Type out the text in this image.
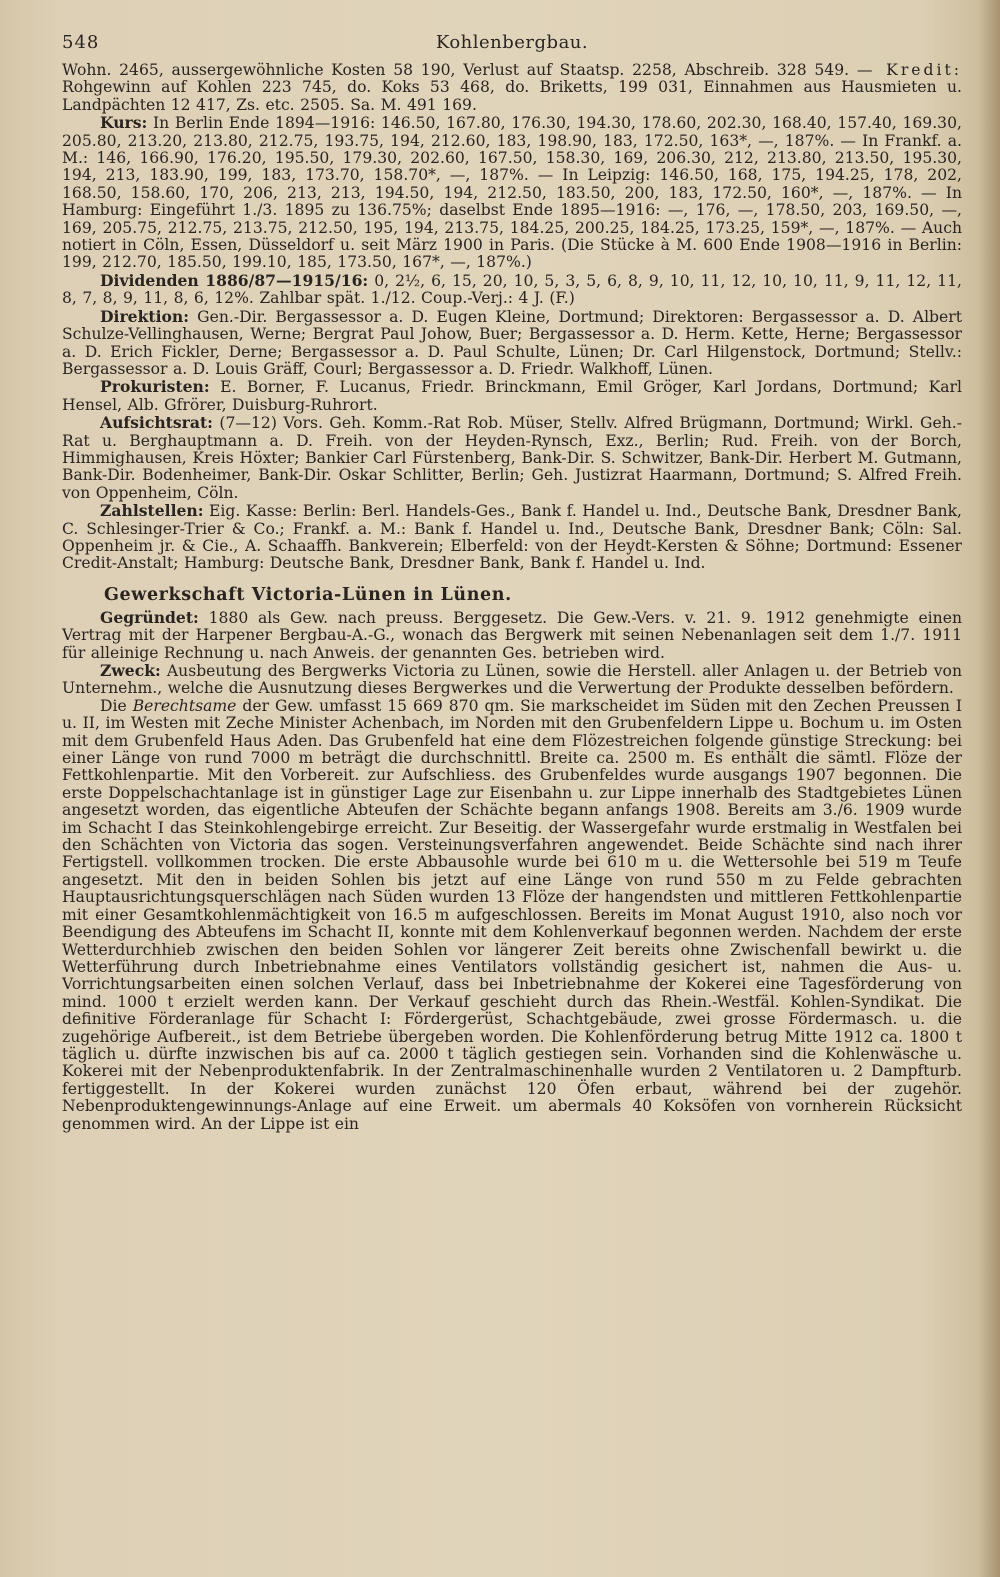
548	Kohlenbergbau.

Wohn. 2465, aussergewöhnliche Kosten 58 190, Verlust auf Staatsp. 2258, Abschreib. 328 549. — Kredit: Rohgewinn auf Kohlen 223 745, do. Koks 53 468, do. Briketts, 199 031, Einnahmen aus Hausmieten u. Landpächten 12 417, Zs. etc. 2505. Sa. M. 491 169.

Kurs: In Berlin Ende 1894—1916: 146.50, 167.80, 176.30, 194.30, 178.60, 202.30, 168.40, 157.40, 169.30, 205.80, 213.20, 213.80, 212.75, 193.75, 194, 212.60, 183, 198.90, 183, 172.50, 163*, —, 187%. — In Frankf. a. M.: 146, 166.90, 176.20, 195.50, 179.30, 202.60, 167.50, 158.30, 169, 206.30, 212, 213.80, 213.50, 195.30, 194, 213, 183.90, 199, 183, 173.70, 158.70*, —, 187%. — In Leipzig: 146.50, 168, 175, 194.25, 178, 202, 168.50, 158.60, 170, 206, 213, 213, 194.50, 194, 212.50, 183.50, 200, 183, 172.50, 160*, —, 187%. — In Hamburg: Eingeführt 1./3. 1895 zu 136.75%; daselbst Ende 1895—1916: —, 176, —, 178.50, 203, 169.50, —, 169, 205.75, 212.75, 213.75, 212.50, 195, 194, 213.75, 184.25, 200.25, 184.25, 173.25, 159*, —, 187%. — Auch notiert in Cöln, Essen, Düsseldorf u. seit März 1900 in Paris. (Die Stücke à M. 600 Ende 1908—1916 in Berlin: 199, 212.70, 185.50, 199.10, 185, 173.50, 167*, —, 187%.)

Dividenden 1886/87—1915/16: 0, 2½, 6, 15, 20, 10, 5, 3, 5, 6, 8, 9, 10, 11, 12, 10, 10, 11, 9, 11, 12, 11, 8, 7, 8, 9, 11, 8, 6, 12%. Zahlbar spät. 1./12. Coup.-Verj.: 4 J. (F.)

Direktion: Gen.-Dir. Bergassessor a. D. Eugen Kleine, Dortmund; Direktoren: Bergassessor a. D. Albert Schulze-Vellinghausen, Werne; Bergrat Paul Johow, Buer; Bergassessor a. D. Herm. Kette, Herne; Bergassessor a. D. Erich Fickler, Derne; Bergassessor a. D. Paul Schulte, Lünen; Dr. Carl Hilgenstock, Dortmund; Stellv.: Bergassessor a. D. Louis Gräff, Courl; Bergassessor a. D. Friedr. Walkhoff, Lünen.

Prokuristen: E. Borner, F. Lucanus, Friedr. Brinckmann, Emil Gröger, Karl Jordans, Dortmund; Karl Hensel, Alb. Gfrörer, Duisburg-Ruhrort.

Aufsichtsrat: (7—12) Vors. Geh. Komm.-Rat Rob. Müser, Stellv. Alfred Brügmann, Dortmund; Wirkl. Geh.-Rat u. Berghauptmann a. D. Freih. von der Heyden-Rynsch, Exz., Berlin; Rud. Freih. von der Borch, Himmighausen, Kreis Höxter; Bankier Carl Fürstenberg, Bank-Dir. S. Schwitzer, Bank-Dir. Herbert M. Gutmann, Bank-Dir. Bodenheimer, Bank-Dir. Oskar Schlitter, Berlin; Geh. Justizrat Haarmann, Dortmund; S. Alfred Freih. von Oppenheim, Cöln.

Zahlstellen: Eig. Kasse: Berlin: Berl. Handels-Ges., Bank f. Handel u. Ind., Deutsche Bank, Dresdner Bank, C. Schlesinger-Trier & Co.; Frankf. a. M.: Bank f. Handel u. Ind., Deutsche Bank, Dresdner Bank; Cöln: Sal. Oppenheim jr. & Cie., A. Schaaffh. Bankverein; Elberfeld: von der Heydt-Kersten & Söhne; Dortmund: Essener Credit-Anstalt; Hamburg: Deutsche Bank, Dresdner Bank, Bank f. Handel u. Ind.

Gewerkschaft Victoria-Lünen in Lünen.

Gegründet: 1880 als Gew. nach preuss. Berggesetz. Die Gew.-Vers. v. 21. 9. 1912 genehmigte einen Vertrag mit der Harpener Bergbau-A.-G., wonach das Bergwerk mit seinen Nebenanlagen seit dem 1./7. 1911 für alleinige Rechnung u. nach Anweis. der genannten Ges. betrieben wird.

Zweck: Ausbeutung des Bergwerks Victoria zu Lünen, sowie die Herstell. aller Anlagen u. der Betrieb von Unternehm., welche die Ausnutzung dieses Bergwerkes und die Verwertung der Produkte desselben befördern.

Die Berechtsame der Gew. umfasst 15 669 870 qm. Sie markscheidet im Süden mit den Zechen Preussen I u. II, im Westen mit Zeche Minister Achenbach, im Norden mit den Grubenfeldern Lippe u. Bochum u. im Osten mit dem Grubenfeld Haus Aden. Das Grubenfeld hat eine dem Flözestreichen folgende günstige Streckung: bei einer Länge von rund 7000 m beträgt die durchschnittl. Breite ca. 2500 m. Es enthält die sämtl. Flöze der Fettkohlenpartie. Mit den Vorbereit. zur Aufschliess. des Grubenfeldes wurde ausgangs 1907 begonnen. Die erste Doppelschachtanlage ist in günstiger Lage zur Eisenbahn u. zur Lippe innerhalb des Stadtgebietes Lünen angesetzt worden, das eigentliche Abteufen der Schächte begann anfangs 1908. Bereits am 3./6. 1909 wurde im Schacht I das Steinkohlengebirge erreicht. Zur Beseitig. der Wassergefahr wurde erstmalig in Westfalen bei den Schächten von Victoria das sogen. Versteinungsverfahren angewendet. Beide Schächte sind nach ihrer Fertigstell. vollkommen trocken. Die erste Abbausohle wurde bei 610 m u. die Wettersohle bei 519 m Teufe angesetzt. Mit den in beiden Sohlen bis jetzt auf eine Länge von rund 550 m zu Felde gebrachten Hauptausrichtungsquerschlägen nach Süden wurden 13 Flöze der hangendsten und mittleren Fettkohlenpartie mit einer Gesamtkohlenmächtigkeit von 16.5 m aufgeschlossen. Bereits im Monat August 1910, also noch vor Beendigung des Abteufens im Schacht II, konnte mit dem Kohlenverkauf begonnen werden. Nachdem der erste Wetterdurchhieb zwischen den beiden Sohlen vor längerer Zeit bereits ohne Zwischenfall bewirkt u. die Wetterführung durch Inbetriebnahme eines Ventilators vollständig gesichert ist, nahmen die Aus- u. Vorrichtungsarbeiten einen solchen Verlauf, dass bei Inbetriebnahme der Kokerei eine Tagesförderung von mind. 1000 t erzielt werden kann. Der Verkauf geschieht durch das Rhein.-Westfäl. Kohlen-Syndikat. Die definitive Förderanlage für Schacht I: Fördergerüst, Schachtgebäude, zwei grosse Fördermasch. u. die zugehörige Aufbereit., ist dem Betriebe übergeben worden. Die Kohlenförderung betrug Mitte 1912 ca. 1800 t täglich u. dürfte inzwischen bis auf ca. 2000 t täglich gestiegen sein. Vorhanden sind die Kohlenwäsche u. Kokerei mit der Nebenproduktenfabrik. In der Zentralmaschinenhalle wurden 2 Ventilatoren u. 2 Dampfturb. fertiggestellt. In der Kokerei wurden zunächst 120 Öfen erbaut, während bei der zugehör. Nebenproduktengewinnungs-Anlage auf eine Erweit. um abermals 40 Koksöfen von vornherein Rücksicht genommen wird. An der Lippe ist ein
